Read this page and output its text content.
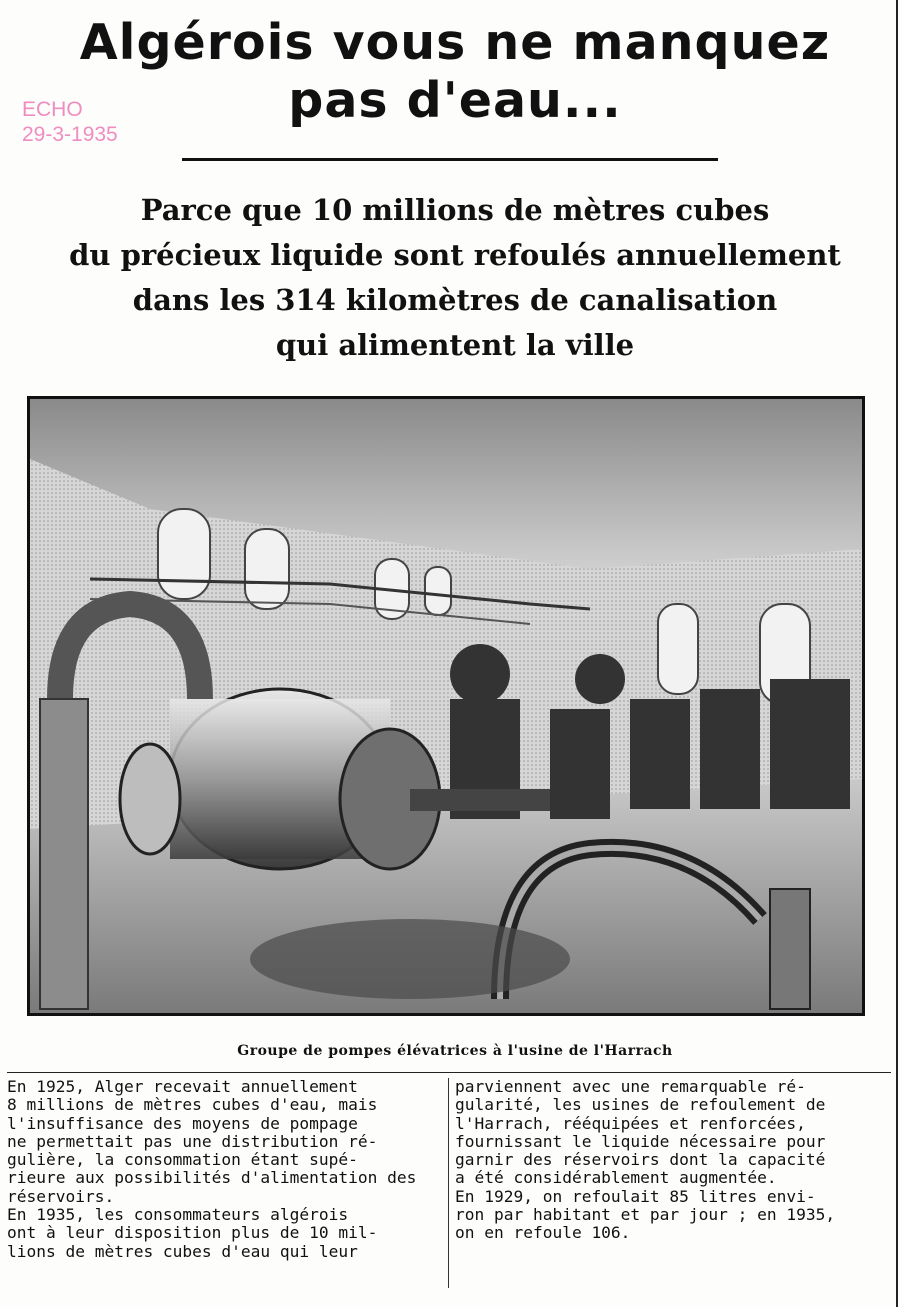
ECHO
29-3-1935
Algérois vous ne manquez
pas d'eau...
Parce que 10 millions de mètres cubes
du précieux liquide sont refoulés annuellement
dans les 314 kilomètres de canalisation
qui alimentent la ville
Groupe de pompes élévatrices à l'usine de l'Harrach
En 1925, Alger recevait annuellement
8 millions de mètres cubes d'eau, mais
l'insuffisance des moyens de pompage
ne permettait pas une distribution ré-
gulière, la consommation étant supé-
rieure aux possibilités d'alimentation des
réservoirs.
En 1935, les consommateurs algérois
ont à leur disposition plus de 10 mil-
lions de mètres cubes d'eau qui leur
parviennent avec une remarquable ré-
gularité, les usines de refoulement de
l'Harrach, rééquipées et renforcées,
fournissant le liquide nécessaire pour
garnir des réservoirs dont la capacité
a été considérablement augmentée.
En 1929, on refoulait 85 litres envi-
ron par habitant et par jour ; en 1935,
on en refoule 106.
